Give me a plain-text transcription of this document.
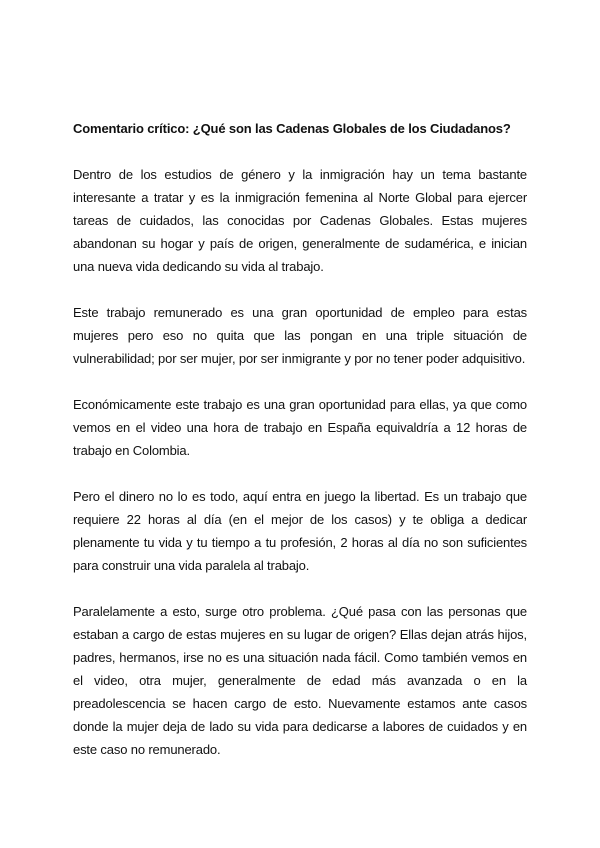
Comentario crítico: ¿Qué son las Cadenas Globales de los Ciudadanos?

Dentro de los estudios de género y la inmigración hay un tema bastante interesante a tratar y es la inmigración femenina al Norte Global para ejercer tareas de cuidados, las conocidas por Cadenas Globales. Estas mujeres abandonan su hogar y país de origen, generalmente de sudamérica, e inician una nueva vida dedicando su vida al trabajo.

Este trabajo remunerado es una gran oportunidad de empleo para estas mujeres pero eso no quita que las pongan en una triple situación de vulnerabilidad; por ser mujer, por ser inmigrante y por no tener poder adquisitivo.

Económicamente este trabajo es una gran oportunidad para ellas, ya que como vemos en el video una hora de trabajo en España equivaldría a 12 horas de trabajo en Colombia.

Pero el dinero no lo es todo, aquí entra en juego la libertad. Es un trabajo que requiere 22 horas al día (en el mejor de los casos) y te obliga a dedicar plenamente tu vida y tu tiempo a tu profesión, 2 horas al día no son suficientes para construir una vida paralela al trabajo.

Paralelamente a esto, surge otro problema. ¿Qué pasa con las personas que estaban a cargo de estas mujeres en su lugar de origen? Ellas dejan atrás hijos, padres, hermanos, irse no es una situación nada fácil. Como también vemos en el video, otra mujer, generalmente de edad más avanzada o en la preadolescencia se hacen cargo de esto. Nuevamente estamos ante casos donde la mujer deja de lado su vida para dedicarse a labores de cuidados y en este caso no remunerado.
